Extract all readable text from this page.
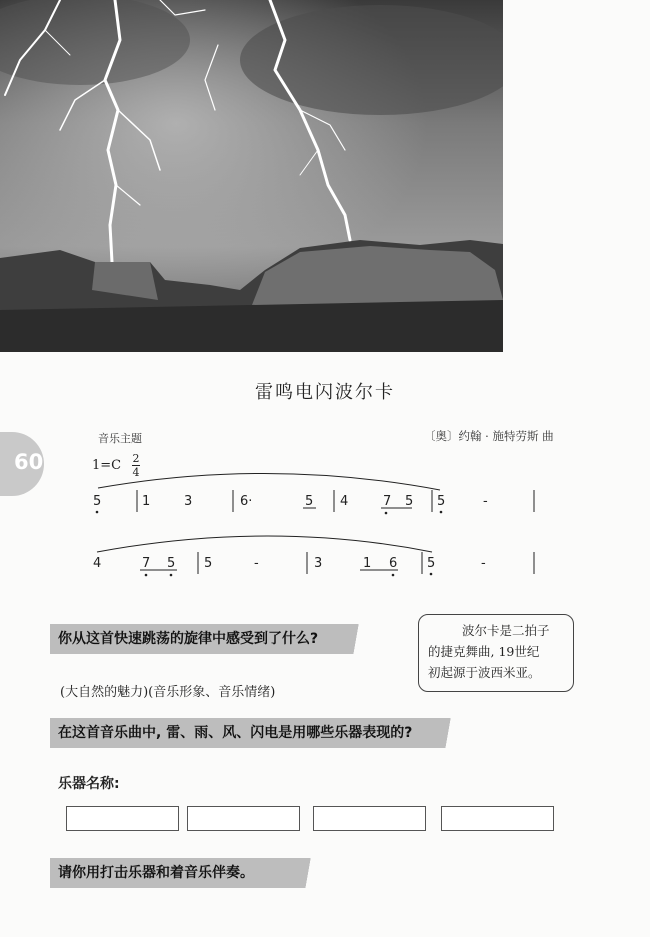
雷鸣电闪波尔卡
60
音乐主题	〔奥〕约翰 · 施特劳斯 曲
1=C 2
4
5	1	3	6·	5 4	7 5 5	-
4	7 5 5	-	3	1 6 5	-
你从这首快速跳荡的旋律中感受到了什么?
(大自然的魅力)(音乐形象、音乐情绪)
波尔卡是二拍子
的捷克舞曲, 19世纪
初起源于波西米亚。
在这首音乐曲中, 雷、雨、风、闪电是用哪些乐器表现的?
乐器名称:
请你用打击乐器和着音乐伴奏。
